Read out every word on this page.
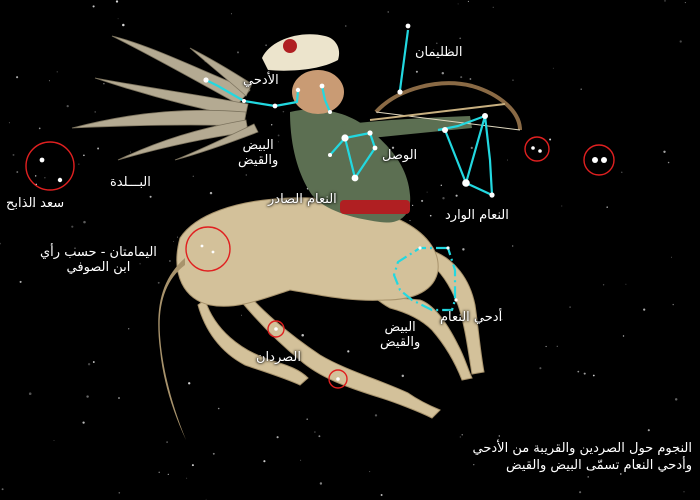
الظليمان
الأدحي
البيض
والقيض	الوصل
النعام الصادر
النعام الوارد
البـــلدة
سعد الذابح
اليمامتان - حسب رأي
ابن الصوفي
أدحي النعام
البيض
والقيض
الصردان
النجوم حول الصردين والقريبة من الأدحي
وأدحي النعام تسمّى البيض والقيض
